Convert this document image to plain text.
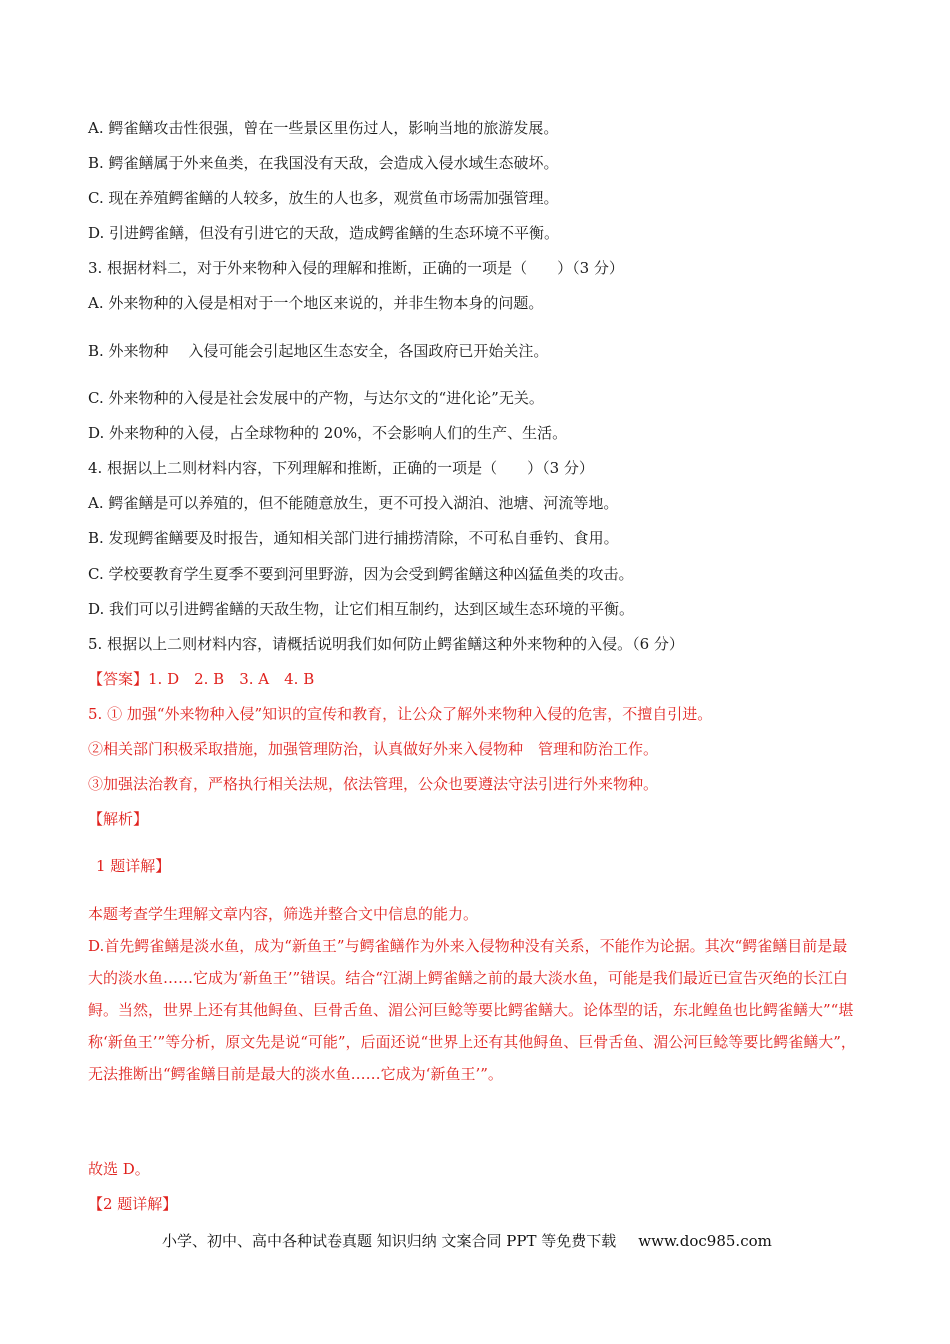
A. 鳄雀鳝攻击性很强，曾在一些景区里伤过人，影响当地的旅游发展。
B. 鳄雀鳝属于外来鱼类，在我国没有天敌，会造成入侵水域生态破坏。
C. 现在养殖鳄雀鳝的人较多，放生的人也多，观赏鱼市场需加强管理。
D. 引进鳄雀鳝，但没有引进它的天敌，造成鳄雀鳝的生态环境不平衡。
3. 根据材料二，对于外来物种入侵的理解和推断，正确的一项是（　　）（3 分）
A. 外来物种的入侵是相对于一个地区来说的，并非生物本身的问题。
B. 外来物种　 入侵可能会引起地区生态安全，各国政府已开始关注。
C. 外来物种的入侵是社会发展中的产物，与达尔文的“进化论”无关。
D. 外来物种的入侵，占全球物种的 20%，不会影响人们的生产、生活。
4. 根据以上二则材料内容，下列理解和推断，正确的一项是（　　）（3 分）
A. 鳄雀鳝是可以养殖的，但不能随意放生，更不可投入湖泊、池塘、河流等地。
B. 发现鳄雀鳝要及时报告，通知相关部门进行捕捞清除，不可私自垂钓、食用。
C. 学校要教育学生夏季不要到河里野游，因为会受到鳄雀鳝这种凶猛鱼类的攻击。
D. 我们可以引进鳄雀鳝的天敌生物，让它们相互制约，达到区域生态环境的平衡。
5. 根据以上二则材料内容，请概括说明我们如何防止鳄雀鳝这种外来物种的入侵。（6 分）
【答案】1. D　2. B　3. A　4. B
5. ① 加强“外来物种入侵”知识的宣传和教育，让公众了解外来物种入侵的危害，不擅自引进。
②相关部门积极采取措施，加强管理防治，认真做好外来入侵物种　管理和防治工作。
③加强法治教育，严格执行相关法规，依法管理，公众也要遵法守法引进行外来物种。
【解析】
1 题详解】
本题考查学生理解文章内容，筛选并整合文中信息的能力。
D.首先鳄雀鳝是淡水鱼，成为“新鱼王”与鳄雀鳝作为外来入侵物种没有关系，不能作为论据。其次“鳄雀鳝目前是最大的淡水鱼……它成为‘新鱼王’”错误。结合“江湖上鳄雀鳝之前的最大淡水鱼，可能是我们最近已宣告灭绝的长江白鲟。当然，世界上还有其他鲟鱼、巨骨舌鱼、湄公河巨鲶等要比鳄雀鳝大。论体型的话，东北鳇鱼也比鳄雀鳝大”“堪称‘新鱼王’”等分析，原文先是说“可能”，后面还说“世界上还有其他鲟鱼、巨骨舌鱼、湄公河巨鲶等要比鳄雀鳝大”，无法推断出“鳄雀鳝目前是最大的淡水鱼……它成为‘新鱼王’”。
故选 D。
【2 题详解】
小学、初中、高中各种试卷真题 知识归纳 文案合同 PPT 等免费下载 www.doc985.com
